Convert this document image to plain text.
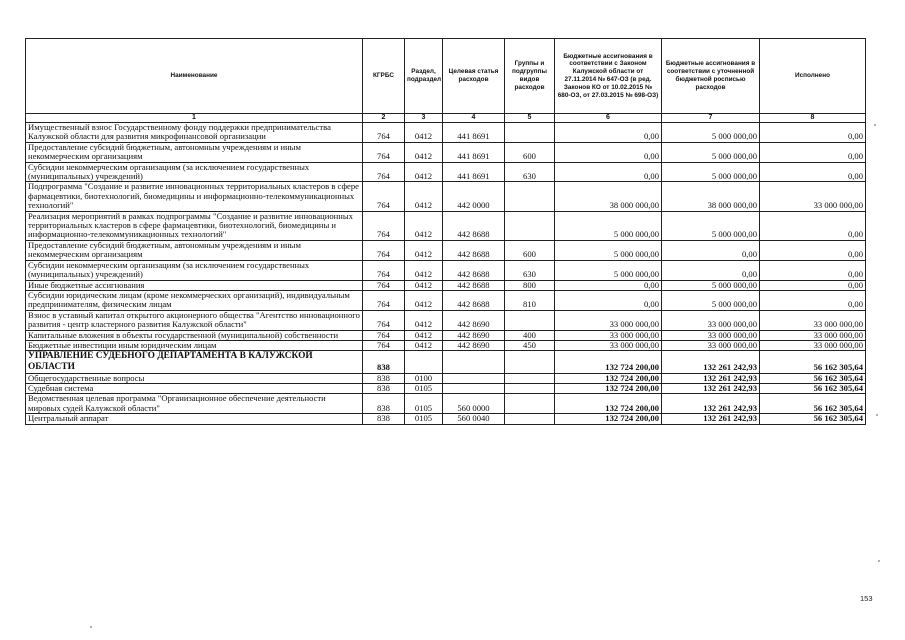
Наименование	КГРБС	Раздел, подраздел	Целевая статья расходов	Группы и подгруппы видов расходов	Бюджетные ассигнования в соответствии с Законом Калужской области от 27.11.2014 № 647-ОЗ (в ред. Законов КО от 10.02.2015 № 680-ОЗ, от 27.03.2015 № 698-ОЗ)	Бюджетные ассигнования в соответствии с уточненной бюджетной росписью расходов	Исполнено
1	2	3	4	5	6	7	8
Имущественный взнос Государственному фонду поддержки предпринимательства Калужской области для развития микрофинансовой организации	764	0412	441 8691		0,00	5 000 000,00	0,00
Предоставление субсидий бюджетным, автономным учреждениям и иным некоммерческим организациям	764	0412	441 8691	600	0,00	5 000 000,00	0,00
Субсидии некоммерческим организациям (за исключением государственных (муниципальных) учреждений)	764	0412	441 8691	630	0,00	5 000 000,00	0,00
Подпрограмма "Создание и развитие инновационных территориальных кластеров в сфере фармацевтики, биотехнологий, биомедицины и информационно-телекоммуникационных технологий"	764	0412	442 0000		38 000 000,00	38 000 000,00	33 000 000,00
Реализация мероприятий в рамках подпрограммы "Создание и развитие инновационных территориальных кластеров в сфере фармацевтики, биотехнологий, биомедицины и информационно-телекоммуникационных технологий"	764	0412	442 8688		5 000 000,00	5 000 000,00	0,00
Предоставление субсидий бюджетным, автономным учреждениям и иным некоммерческим организациям	764	0412	442 8688	600	5 000 000,00	0,00	0,00
Субсидии некоммерческим организациям (за исключением государственных (муниципальных) учреждений)	764	0412	442 8688	630	5 000 000,00	0,00	0,00
Иные бюджетные ассигнования	764	0412	442 8688	800	0,00	5 000 000,00	0,00
Субсидии юридическим лицам (кроме некоммерческих организаций), индивидуальным предпринимателям, физическим лицам	764	0412	442 8688	810	0,00	5 000 000,00	0,00
Взнос в уставный капитал открытого акционерного общества "Агентство инновационного развития - центр кластерного развития Калужской области"	764	0412	442 8690		33 000 000,00	33 000 000,00	33 000 000,00
Капитальные вложения в объекты государственной (муниципальной) собственности	764	0412	442 8690	400	33 000 000,00	33 000 000,00	33 000 000,00
Бюджетные инвестиции иным юридическим лицам	764	0412	442 8690	450	33 000 000,00	33 000 000,00	33 000 000,00
УПРАВЛЕНИЕ СУДЕБНОГО ДЕПАРТАМЕНТА В КАЛУЖСКОЙ ОБЛАСТИ	838				132 724 200,00	132 261 242,93	56 162 305,64
Общегосударственные вопросы	838	0100			132 724 200,00	132 261 242,93	56 162 305,64
Судебная система	838	0105			132 724 200,00	132 261 242,93	56 162 305,64
Ведомственная целевая программа "Организационное обеспечение деятельности мировых судей Калужской области"	838	0105	560 0000		132 724 200,00	132 261 242,93	56 162 305,64
Центральный аппарат	838	0105	560 0040		132 724 200,00	132 261 242,93	56 162 305,64
153
